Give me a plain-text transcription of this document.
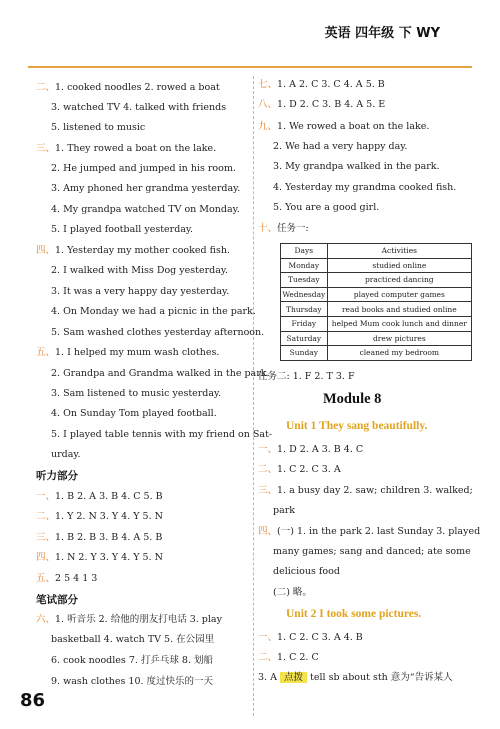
英语 四年级 下 WY
二、1. cooked noodles 2. rowed a boat
3. watched TV 4. talked with friends
5. listened to music
三、1. They rowed a boat on the lake.
2. He jumped and jumped in his room.
3. Amy phoned her grandma yesterday.
4. My grandpa watched TV on Monday.
5. I played football yesterday.
四、1. Yesterday my mother cooked fish.
2. I walked with Miss Dog yesterday.
3. It was a very happy day yesterday.
4. On Monday we had a picnic in the park.
5. Sam washed clothes yesterday afternoon.
五、1. I helped my mum wash clothes.
2. Grandpa and Grandma walked in the park.
3. Sam listened to music yesterday.
4. On Sunday Tom played football.
5. I played table tennis with my friend on Sat-
urday.
听力部分
一、1. B 2. A 3. B 4. C 5. B
二、1. Y 2. N 3. Y 4. Y 5. N
三、1. B 2. B 3. B 4. A 5. B
四、1. N 2. Y 3. Y 4. Y 5. N
五、2 5 4 1 3
笔试部分
六、1. 听音乐 2. 给他的朋友打电话 3. play
basketball 4. watch TV 5. 在公园里
6. cook noodles 7. 打乒乓球 8. 划船
9. wash clothes 10. 度过快乐的一天
七、1. A 2. C 3. C 4. A 5. B
八、1. D 2. C 3. B 4. A 5. E
九、1. We rowed a boat on the lake.
2. We had a very happy day.
3. My grandpa walked in the park.
4. Yesterday my grandma cooked fish.
5. You are a good girl.
十、任务一:
一、1. D 2. A 3. B 4. C
二、1. C 2. C 3. A
三、1. a busy day 2. saw; children 3. walked;
park
四、(一) 1. in the park 2. last Sunday 3. played
many games; sang and danced; ate some
delicious food
(二) 略。
一、1. C 2. C 3. A 4. B
二、1. C 2. C
Days	Activities
Monday	studied online
Tuesday	practiced dancing
Wednesday	played computer games
Thursday	read books and studied online
Friday	helped Mum cook lunch and dinner
Saturday	drew pictures
Sunday	cleaned my bedroom
任务二: 1. F 2. T 3. F
Module 8
Unit 1 They sang beautifully.
Unit 2 I took some pictures.
3. A 点拨 tell sb about sth 意为“告诉某人
86
